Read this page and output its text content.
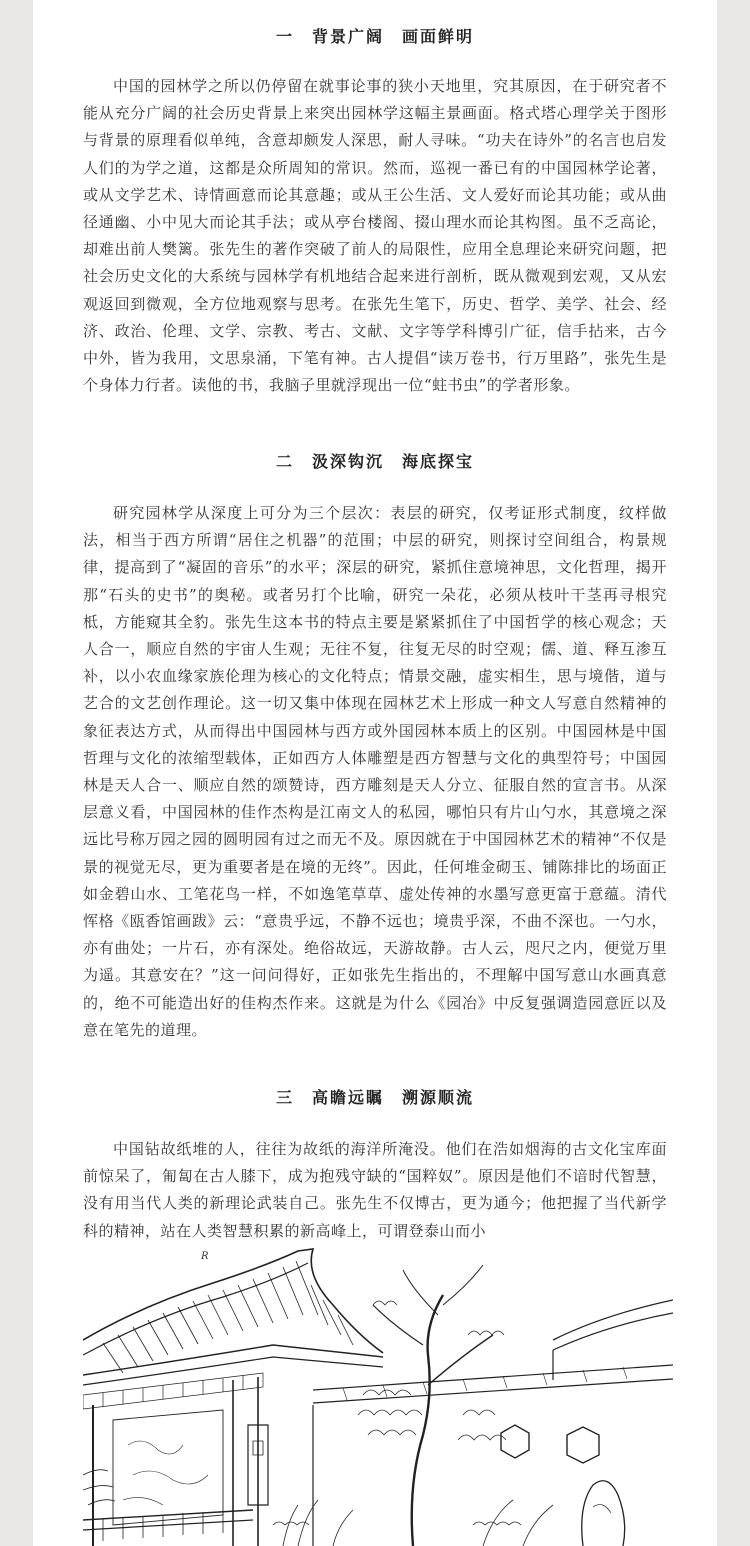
一　背景广阔　画面鲜明

中国的园林学之所以仍停留在就事论事的狭小天地里，究其原因，在于研究者不能从充分广阔的社会历史背景上来突出园林学这幅主景画面。格式塔心理学关于图形与背景的原理看似单纯，含意却颇发人深思，耐人寻味。“功夫在诗外”的名言也启发人们的为学之道，这都是众所周知的常识。然而，巡视一番已有的中国园林学论著，或从文学艺术、诗情画意而论其意趣；或从王公生活、文人爱好而论其功能；或从曲径通幽、小中见大而论其手法；或从亭台楼阁、掇山理水而论其构图。虽不乏高论，却难出前人樊篱。张先生的著作突破了前人的局限性，应用全息理论来研究问题，把社会历史文化的大系统与园林学有机地结合起来进行剖析，既从微观到宏观，又从宏观返回到微观，全方位地观察与思考。在张先生笔下，历史、哲学、美学、社会、经济、政治、伦理、文学、宗教、考古、文献、文字等学科博引广征，信手拈来，古今中外，皆为我用，文思泉涌，下笔有神。古人提倡“读万卷书，行万里路”，张先生是个身体力行者。读他的书，我脑子里就浮现出一位“蛀书虫”的学者形象。

二　汲深钩沉　海底探宝

研究园林学从深度上可分为三个层次：表层的研究，仅考证形式制度，纹样做法，相当于西方所谓“居住之机器”的范围；中层的研究，则探讨空间组合，构景规律，提高到了“凝固的音乐”的水平；深层的研究，紧抓住意境神思，文化哲理，揭开那“石头的史书”的奥秘。或者另打个比喻，研究一朵花，必须从枝叶干茎再寻根究柢，方能窥其全豹。张先生这本书的特点主要是紧紧抓住了中国哲学的核心观念；天人合一，顺应自然的宇宙人生观；无往不复，往复无尽的时空观；儒、道、释互渗互补，以小农血缘家族伦理为核心的文化特点；情景交融，虚实相生，思与境偕，道与艺合的文艺创作理论。这一切又集中体现在园林艺术上形成一种文人写意自然精神的象征表达方式，从而得出中国园林与西方或外国园林本质上的区别。中国园林是中国哲理与文化的浓缩型载体，正如西方人体雕塑是西方智慧与文化的典型符号；中国园林是天人合一、顺应自然的颂赞诗，西方雕刻是天人分立、征服自然的宣言书。从深层意义看，中国园林的佳作杰构是江南文人的私园，哪怕只有片山勺水，其意境之深远比号称万园之园的圆明园有过之而无不及。原因就在于中国园林艺术的精神“不仅是景的视觉无尽，更为重要者是在境的无终”。因此，任何堆金砌玉、铺陈排比的场面正如金碧山水、工笔花鸟一样，不如逸笔草草、虚处传神的水墨写意更富于意蕴。清代恽格《瓯香馆画跋》云：“意贵乎远，不静不远也；境贵乎深，不曲不深也。一勺水，亦有曲处；一片石，亦有深处。绝俗故远，天游故静。古人云，咫尺之内，便觉万里为遥。其意安在？”这一问问得好，正如张先生指出的，不理解中国写意山水画真意的，绝不可能造出好的佳构杰作来。这就是为什么《园冶》中反复强调造园意匠以及意在笔先的道理。

三　高瞻远瞩　溯源顺流

中国钻故纸堆的人，往往为故纸的海洋所淹没。他们在浩如烟海的古文化宝库面前惊呆了，匍匐在古人膝下，成为抱残守缺的“国粹奴”。原因是他们不谙时代智慧，没有用当代人类的新理论武装自己。张先生不仅博古，更为通今；他把握了当代新学科的精神，站在人类智慧积累的新高峰上，可谓登泰山而小

R
